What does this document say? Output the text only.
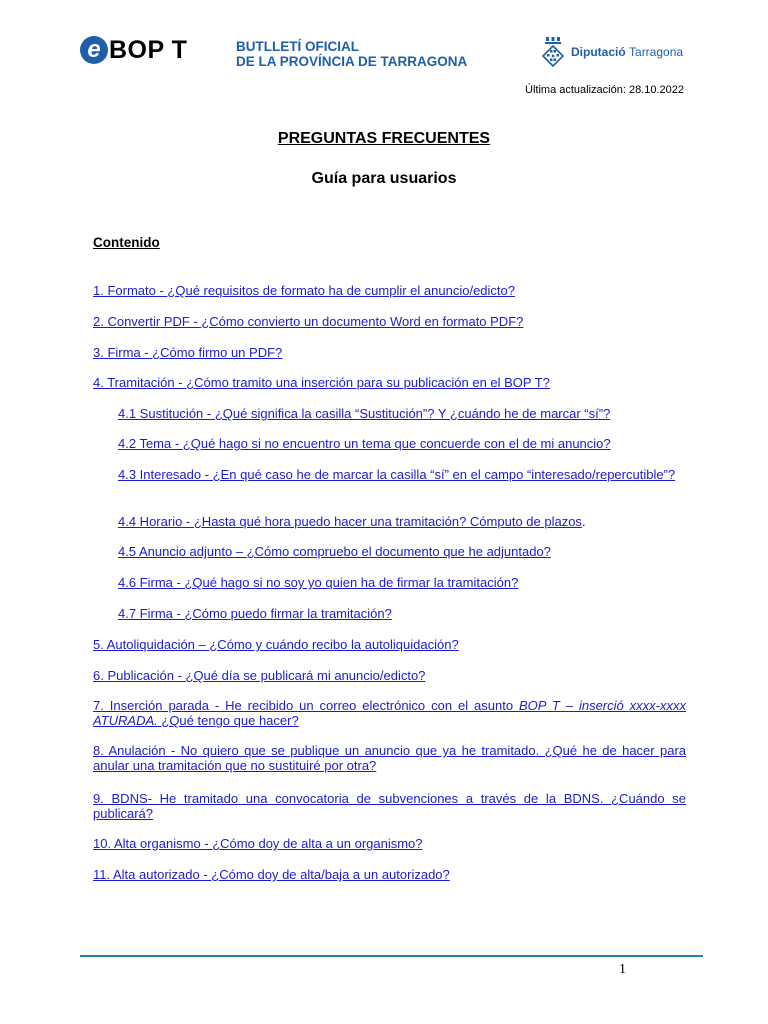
e BOP T	BUTLLETÍ OFICIAL
DE LA PROVÍNCIA DE TARRAGONA
Diputació Tarragona
Última actualización: 28.10.2022
PREGUNTAS FRECUENTES
Guía para usuarios
Contenido
1. Formato - ¿Qué requisitos de formato ha de cumplir el anuncio/edicto?
2. Convertir PDF - ¿Cómo convierto un documento Word en formato PDF?
3. Firma - ¿Cómo firmo un PDF?
4. Tramitación - ¿Cómo tramito una inserción para su publicación en el BOP T?
4.1 Sustitución - ¿Qué significa la casilla “Sustitución”? Y ¿cuándo he de marcar “sí”?
4.2 Tema - ¿Qué hago si no encuentro un tema que concuerde con el de mi anuncio?
4.3 Interesado - ¿En qué caso he de marcar la casilla “sí” en el campo “interesado/repercutible”?
4.4 Horario - ¿Hasta qué hora puedo hacer una tramitación? Cómputo de plazos.
4.5 Anuncio adjunto – ¿Cómo compruebo el documento que he adjuntado?
4.6 Firma - ¿Qué hago si no soy yo quien ha de firmar la tramitación?
4.7 Firma - ¿Cómo puedo firmar la tramitación?
5. Autoliquidación – ¿Cómo y cuándo recibo la autoliquidación?
6. Publicación - ¿Qué día se publicará mi anuncio/edicto?
7. Inserción parada - He recibido un correo electrónico con el asunto BOP T – inserció xxxx-xxxx ATURADA. ¿Qué tengo que hacer?
8. Anulación - No quiero que se publique un anuncio que ya he tramitado. ¿Qué he de hacer para anular una tramitación que no sustituiré por otra?
9. BDNS- He tramitado una convocatoria de subvenciones a través de la BDNS. ¿Cuándo se publicará?
10. Alta organismo - ¿Cómo doy de alta a un organismo?
11. Alta autorizado - ¿Cómo doy de alta/baja a un autorizado?
1
